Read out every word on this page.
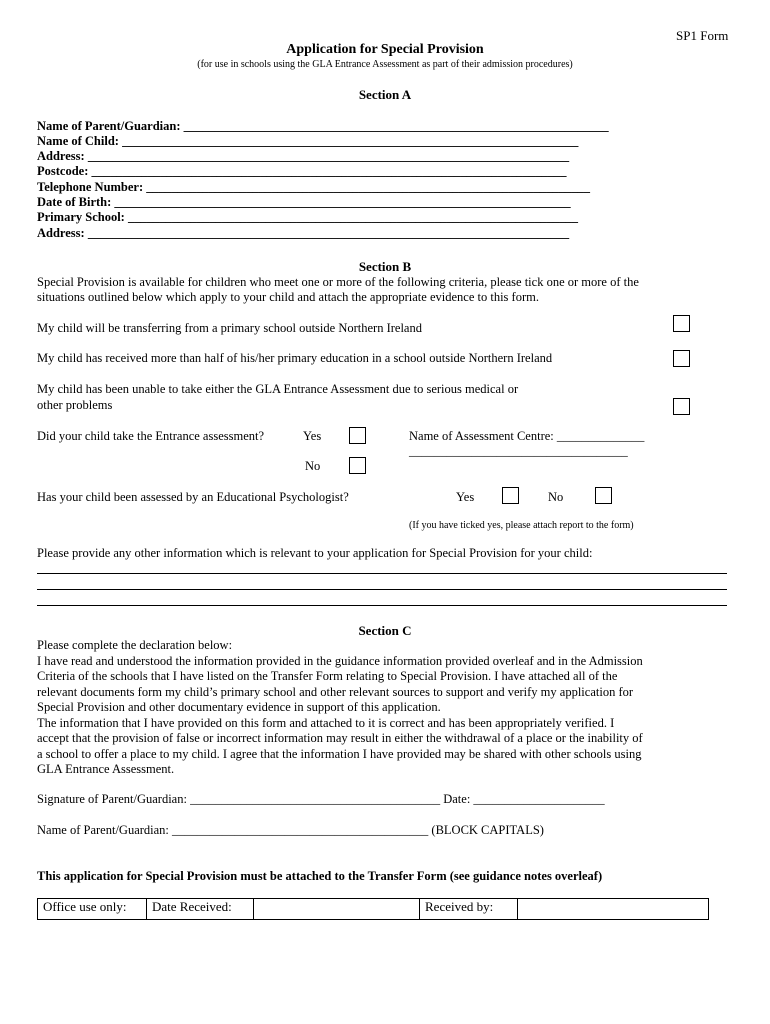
SP1 Form
Application for Special Provision
(for use in schools using the GLA Entrance Assessment as part of their admission procedures)
Section A
Name of Parent/Guardian: ____________________________________________________________________
Name of Child: _________________________________________________________________________
Address: _____________________________________________________________________________
Postcode: ____________________________________________________________________________
Telephone Number: _______________________________________________________________________
Date of Birth: _________________________________________________________________________
Primary School: ________________________________________________________________________
Address: _____________________________________________________________________________
Section B
Special Provision is available for children who meet one or more of the following criteria, please tick one or more of the
situations outlined below which apply to your child and attach the appropriate evidence to this form.
My child will be transferring from a primary school outside Northern Ireland
My child has received more than half of his/her primary education in a school outside Northern Ireland
My child has been unable to take either the GLA Entrance Assessment due to serious medical or
other problems
Did your child take the Entrance assessment?	Yes	Name of Assessment Centre: ______________
___________________________________
No
Has your child been assessed by an Educational Psychologist?	Yes	No
(If you have ticked yes, please attach report to the form)
Please provide any other information which is relevant to your application for Special Provision for your child:
Section C
Please complete the declaration below:
I have read and understood the information provided in the guidance information provided overleaf and in the Admission
Criteria of the schools that I have listed on the Transfer Form relating to Special Provision. I have attached all of the
relevant documents form my child’s primary school and other relevant sources to support and verify my application for
Special Provision and other documentary evidence in support of this application.
The information that I have provided on this form and attached to it is correct and has been appropriately verified. I
accept that the provision of false or incorrect information may result in either the withdrawal of a place or the inability of
a school to offer a place to my child. I agree that the information I have provided may be shared with other schools using
GLA Entrance Assessment.
Signature of Parent/Guardian: ________________________________________ Date: _____________________
Name of Parent/Guardian: _________________________________________ (BLOCK CAPITALS)
This application for Special Provision must be attached to the Transfer Form (see guidance notes overleaf)
Office use only:	Date Received:		Received by:	
